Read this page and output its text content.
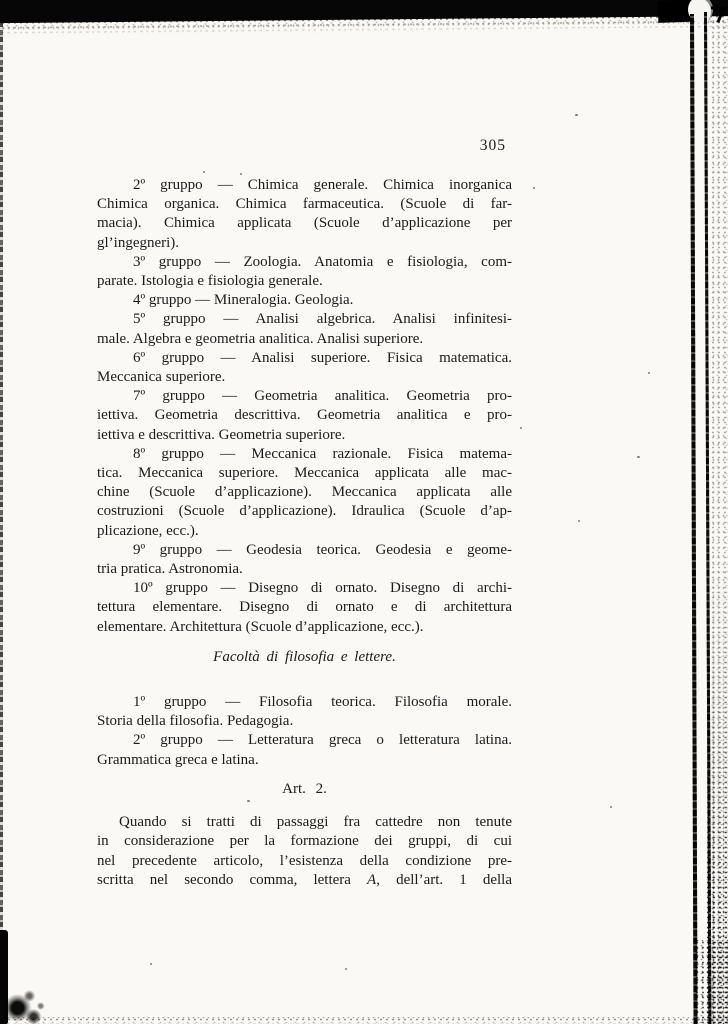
305
2º gruppo — Chimica generale. Chimica inorganica
Chimica organica. Chimica farmaceutica. (Scuole di far-
macia). Chimica applicata (Scuole d’applicazione per
gl’ingegneri).
3º gruppo — Zoologia. Anatomia e fisiologia, com-
parate. Istologia e fisiologia generale.
4º gruppo — Mineralogia. Geologia.
5º gruppo — Analisi algebrica. Analisi infinitesi-
male. Algebra e geometria analitica. Analisi superiore.
6º gruppo — Analisi superiore. Fisica matematica.
Meccanica superiore.
7º gruppo — Geometria analitica. Geometria pro-
iettiva. Geometria descrittiva. Geometria analitica e pro-
iettiva e descrittiva. Geometria superiore.
8º gruppo — Meccanica razionale. Fisica matema-
tica. Meccanica superiore. Meccanica applicata alle mac-
chine (Scuole d’applicazione). Meccanica applicata alle
costruzioni (Scuole d’applicazione). Idraulica (Scuole d’ap-
plicazione, ecc.).
9º gruppo — Geodesia teorica. Geodesia e geome-
tria pratica. Astronomia.
10º gruppo — Disegno di ornato. Disegno di archi-
tettura elementare. Disegno di ornato e di architettura
elementare. Architettura (Scuole d’applicazione, ecc.).
Facoltà di filosofia e lettere.
1º gruppo — Filosofia teorica. Filosofia morale.
Storia della filosofia. Pedagogia.
2º gruppo — Letteratura greca o letteratura latina.
Grammatica greca e latina.
Art. 2.
Quando si tratti di passaggi fra cattedre non tenute
in considerazione per la formazione dei gruppi, di cui
nel precedente articolo, l’esistenza della condizione pre-
scritta nel secondo comma, lettera A, dell’art. 1 della
